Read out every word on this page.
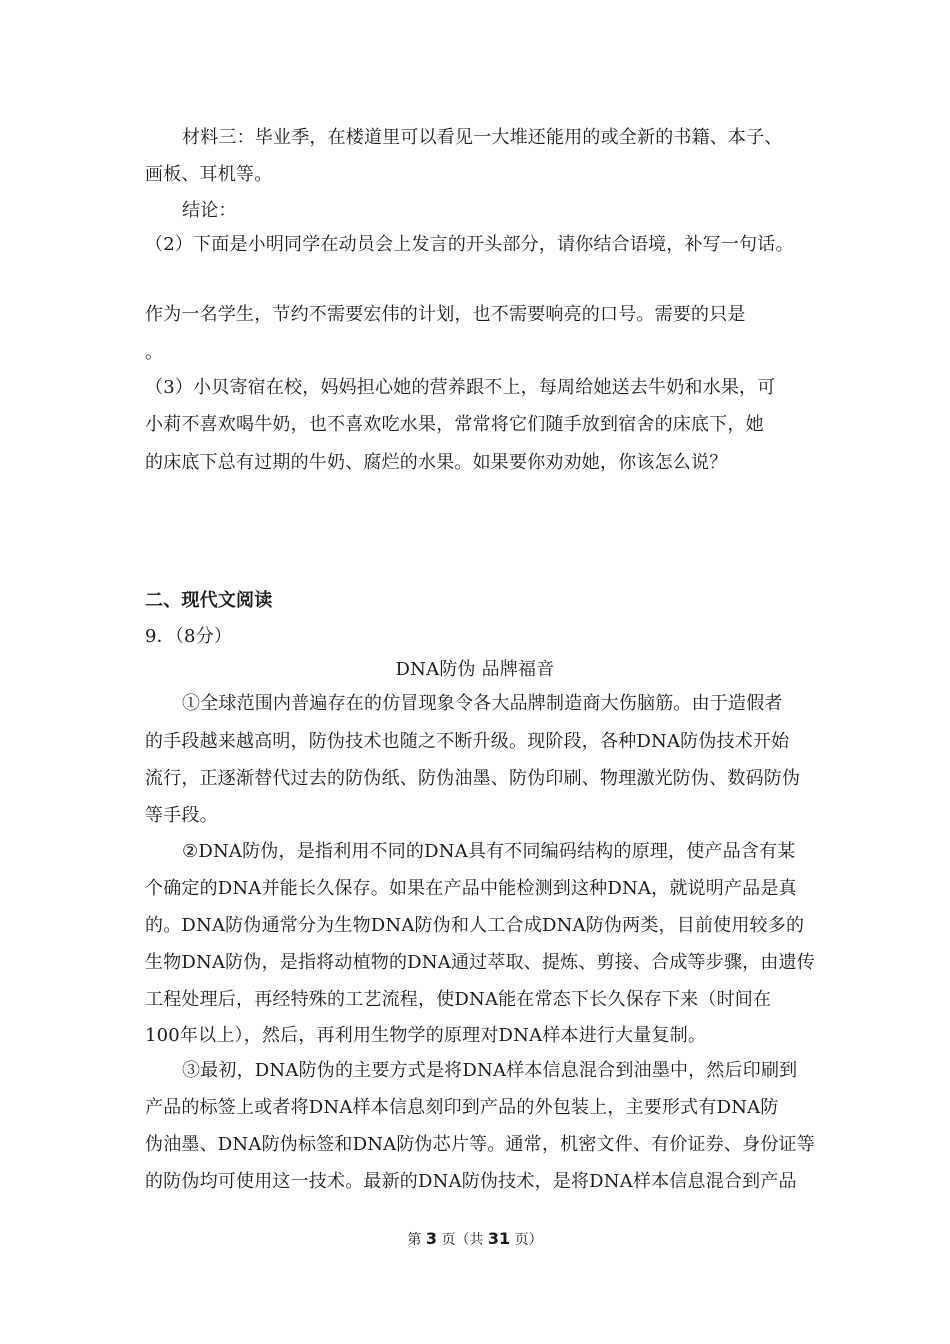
材料三：毕业季，在楼道里可以看见一大堆还能用的或全新的书籍、本子、
画板、耳机等。
结论：
（2）下面是小明同学在动员会上发言的开头部分，请你结合语境，补写一句话。
作为一名学生，节约不需要宏伟的计划，也不需要响亮的口号。需要的只是
。
（3）小贝寄宿在校，妈妈担心她的营养跟不上，每周给她送去牛奶和水果，可
小莉不喜欢喝牛奶，也不喜欢吃水果，常常将它们随手放到宿舍的床底下，她
的床底下总有过期的牛奶、腐烂的水果。如果要你劝劝她，你该怎么说？
二、现代文阅读
9．（8分）
DNA防伪 品牌福音
①全球范围内普遍存在的仿冒现象令各大品牌制造商大伤脑筋。由于造假者
的手段越来越高明，防伪技术也随之不断升级。现阶段，各种DNA防伪技术开始
流行，正逐渐替代过去的防伪纸、防伪油墨、防伪印刷、物理激光防伪、数码防伪
等手段。
②DNA防伪，是指利用不同的DNA具有不同编码结构的原理，使产品含有某
个确定的DNA并能长久保存。如果在产品中能检测到这种DNA，就说明产品是真
的。DNA防伪通常分为生物DNA防伪和人工合成DNA防伪两类，目前使用较多的
生物DNA防伪，是指将动植物的DNA通过萃取、提炼、剪接、合成等步骤，由遗传
工程处理后，再经特殊的工艺流程，使DNA能在常态下长久保存下来（时间在
100年以上），然后，再利用生物学的原理对DNA样本进行大量复制。
③最初，DNA防伪的主要方式是将DNA样本信息混合到油墨中，然后印刷到
产品的标签上或者将DNA样本信息刻印到产品的外包装上，主要形式有DNA防
伪油墨、DNA防伪标签和DNA防伪芯片等。通常，机密文件、有价证券、身份证等
的防伪均可使用这一技术。最新的DNA防伪技术，是将DNA样本信息混合到产品
第 3 页（共 31 页）
